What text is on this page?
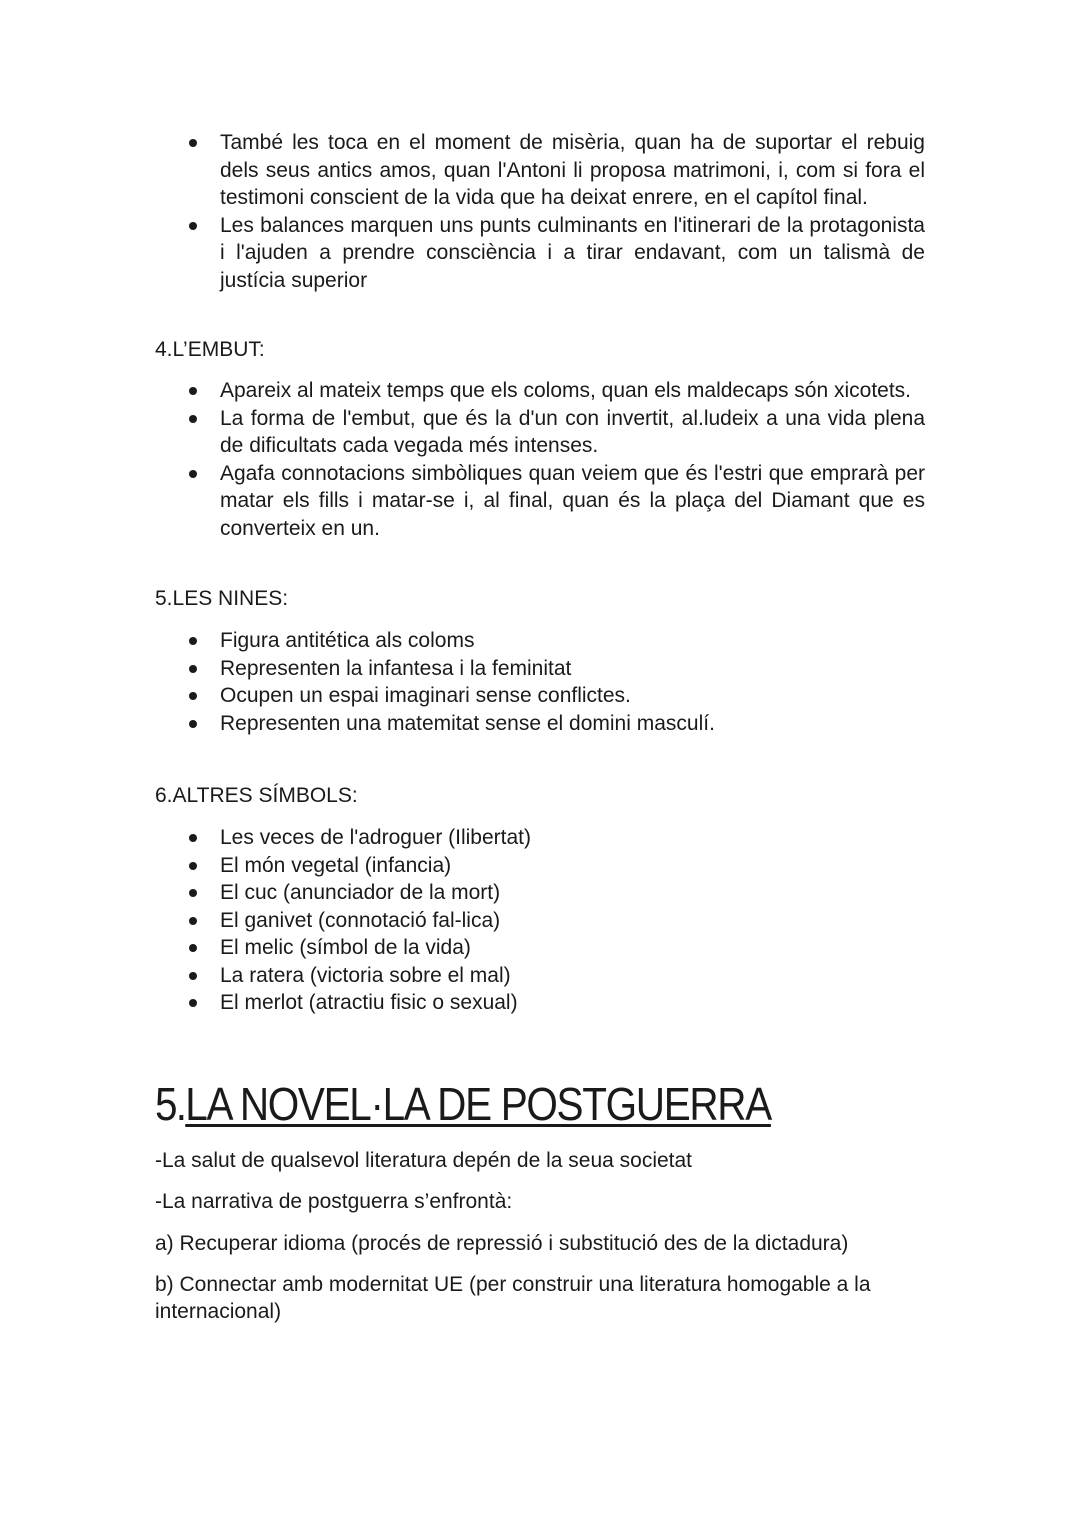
També les toca en el moment de misèria, quan ha de suportar el rebuig dels seus antics amos, quan l'Antoni li proposa matrimoni, i, com si fora el testimoni conscient de la vida que ha deixat enrere, en el capítol final.
Les balances marquen uns punts culminants en l'itinerari de la protagonista i l'ajuden a prendre consciència i a tirar endavant, com un talismà de justícia superior
4.L’EMBUT:
Apareix al mateix temps que els coloms, quan els maldecaps són xicotets.
La forma de l'embut, que és la d'un con invertit, al.ludeix a una vida plena de dificultats cada vegada més intenses.
Agafa connotacions simbòliques quan veiem que és l'estri que emprarà per matar els fills i matar-se i, al final, quan és la plaça del Diamant que es converteix en un.
5.LES NINES:
Figura antitética als coloms
Representen la infantesa i la feminitat
Ocupen un espai imaginari sense conflictes.
Representen una matemitat sense el domini masculí.
6.ALTRES SÍMBOLS:
Les veces de l'adroguer (Ilibertat)
El món vegetal (infancia)
El cuc (anunciador de la mort)
El ganivet (connotació fal-lica)
El melic (símbol de la vida)
La ratera (victoria sobre el mal)
El merlot (atractiu fisic o sexual)
5.LA NOVEL·LA DE POSTGUERRA

-La salut de qualsevol literatura depén de la seua societat

-La narrativa de postguerra s’enfrontà:

a) Recuperar idioma (procés de repressió i substitució des de la dictadura)

b) Connectar amb modernitat UE (per construir una literatura homogable a la internacional)
